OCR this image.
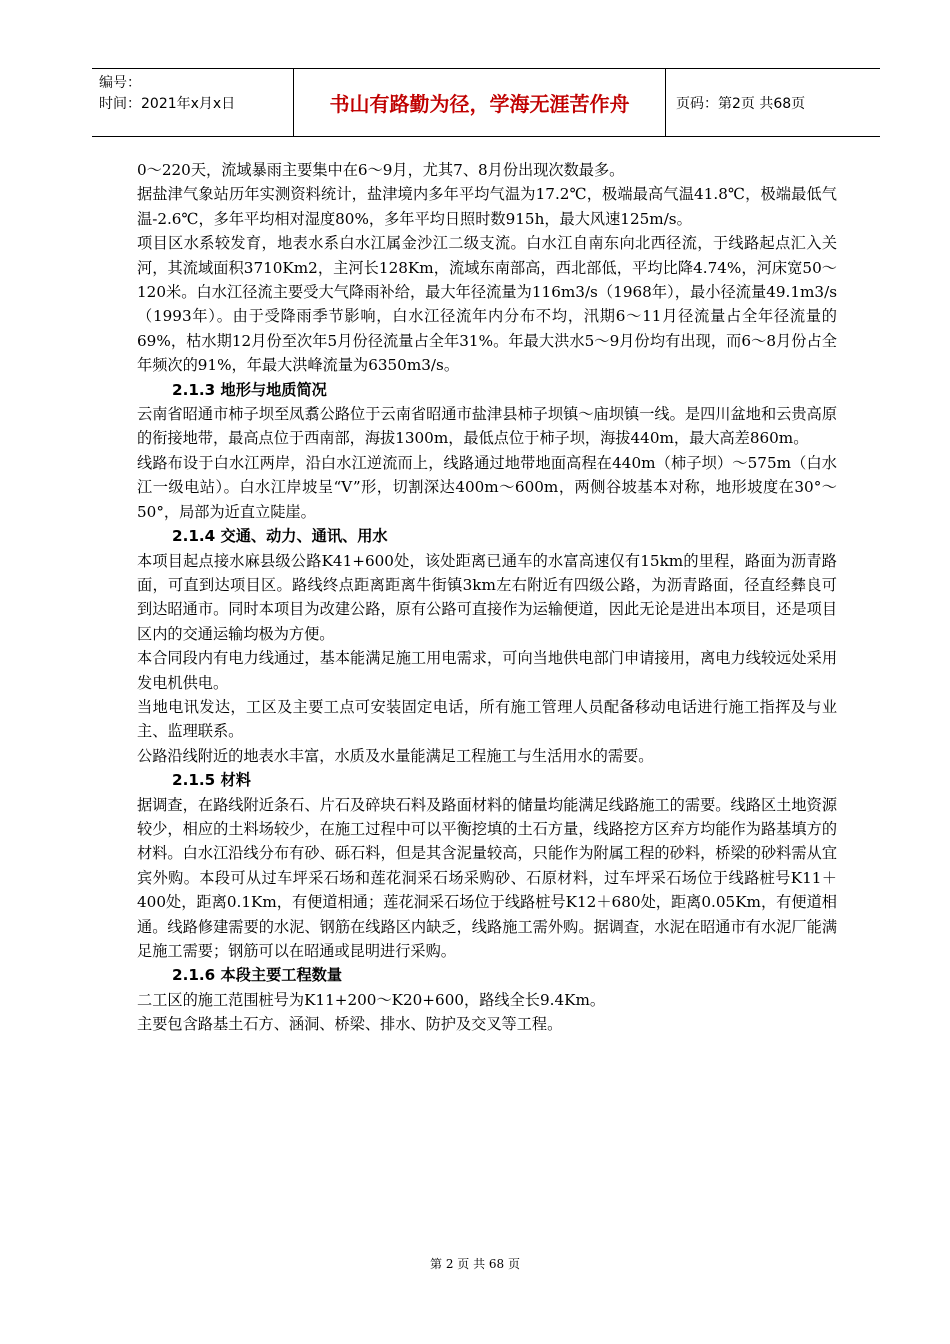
编号：
时间：2021年x月x日	书山有路勤为径，学海无涯苦作舟	页码：第2页 共68页

0～220天，流域暴雨主要集中在6～9月，尤其7、8月份出现次数最多。

据盐津气象站历年实测资料统计，盐津境内多年平均气温为17.2℃，极端最高气温41.8℃，极端最低气温-2.6℃，多年平均相对湿度80%，多年平均日照时数915h，最大风速125m/s。

项目区水系较发育，地表水系白水江属金沙江二级支流。白水江自南东向北西径流，于线路起点汇入关河，其流域面积3710Km2，主河长128Km，流域东南部高，西北部低，平均比降4.74%，河床宽50～120米。白水江径流主要受大气降雨补给，最大年径流量为116m3/s（1968年），最小径流量49.1m3/s（1993年）。由于受降雨季节影响，白水江径流年内分布不均，汛期6～11月径流量占全年径流量的69%，枯水期12月份至次年5月份径流量占全年31%。年最大洪水5～9月份均有出现，而6～8月份占全年频次的91%，年最大洪峰流量为6350m3/s。

2.1.3 地形与地质简况

云南省昭通市柿子坝至凤翥公路位于云南省昭通市盐津县柿子坝镇～庙坝镇一线。是四川盆地和云贵高原的衔接地带，最高点位于西南部，海拔1300m，最低点位于柿子坝，海拔440m，最大高差860m。

线路布设于白水江两岸，沿白水江逆流而上，线路通过地带地面高程在440m（柿子坝）～575m（白水江一级电站）。白水江岸坡呈“V”形，切割深达400m～600m，两侧谷坡基本对称，地形坡度在30°～50°，局部为近直立陡崖。

2.1.4 交通、动力、通讯、用水

本项目起点接水麻县级公路K41+600处，该处距离已通车的水富高速仅有15km的里程，路面为沥青路面，可直到达项目区。路线终点距离距离牛街镇3km左右附近有四级公路，为沥青路面，径直经彝良可到达昭通市。同时本项目为改建公路，原有公路可直接作为运输便道，因此无论是进出本项目，还是项目区内的交通运输均极为方便。

本合同段内有电力线通过，基本能满足施工用电需求，可向当地供电部门申请接用，离电力线较远处采用发电机供电。

当地电讯发达，工区及主要工点可安装固定电话，所有施工管理人员配备移动电话进行施工指挥及与业主、监理联系。

公路沿线附近的地表水丰富，水质及水量能满足工程施工与生活用水的需要。

2.1.5 材料

据调查，在路线附近条石、片石及碎块石料及路面材料的储量均能满足线路施工的需要。线路区土地资源较少，相应的土料场较少，在施工过程中可以平衡挖填的土石方量，线路挖方区弃方均能作为路基填方的材料。白水江沿线分布有砂、砾石料，但是其含泥量较高，只能作为附属工程的砂料，桥梁的砂料需从宜宾外购。本段可从过车坪采石场和莲花洞采石场采购砂、石原材料，过车坪采石场位于线路桩号K11＋400处，距离0.1Km，有便道相通；莲花洞采石场位于线路桩号K12＋680处，距离0.05Km，有便道相通。线路修建需要的水泥、钢筋在线路区内缺乏，线路施工需外购。据调查，水泥在昭通市有水泥厂能满足施工需要；钢筋可以在昭通或昆明进行采购。

2.1.6 本段主要工程数量

二工区的施工范围桩号为K11+200～K20+600，路线全长9.4Km。

主要包含路基土石方、涵洞、桥梁、排水、防护及交叉等工程。

第 2 页 共 68 页
